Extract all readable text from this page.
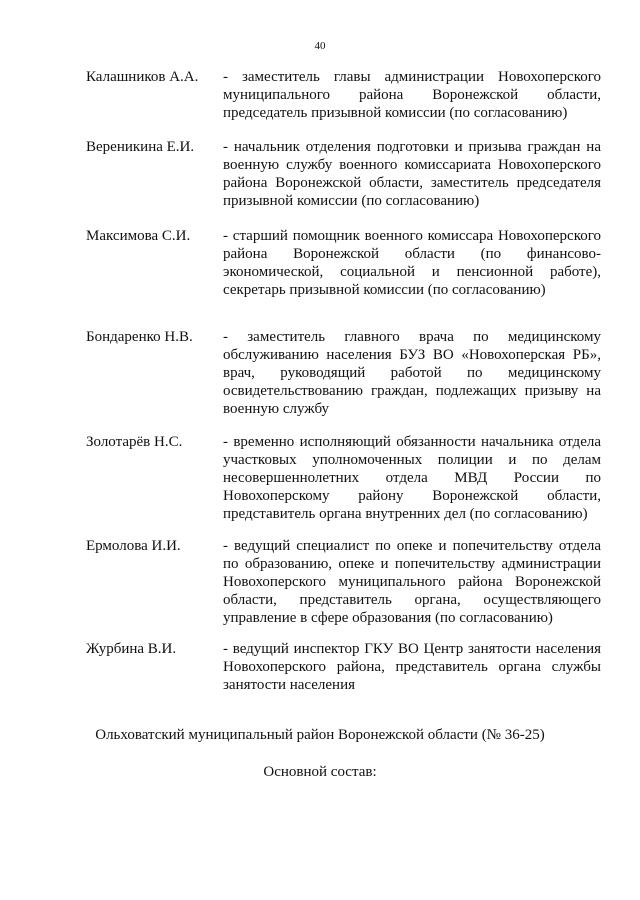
40
Калашников А.А.	- заместитель главы администрации Новохоперского муниципального района Воронежской области, председатель призывной комиссии (по согласованию)
Вереникина Е.И.	- начальник отделения подготовки и призыва граждан на военную службу военного комиссариата Новохоперского района Воронежской области, заместитель председателя призывной комиссии (по согласованию)
Максимова С.И.	- старший помощник военного комиссара Новохоперского района Воронежской области (по финансово-экономической, социальной и пенсионной работе), секретарь призывной комиссии (по согласованию)
Бондаренко Н.В.	- заместитель главного врача по медицинскому обслуживанию населения БУЗ ВО «Новохоперская РБ», врач, руководящий работой по медицинскому освидетельствованию граждан, подлежащих призыву на военную службу
Золотарёв Н.С.	- временно исполняющий обязанности начальника отдела участковых уполномоченных полиции и по делам несовершеннолетних отдела МВД России по Новохоперскому району Воронежской области, представитель органа внутренних дел (по согласованию)
Ермолова И.И.	- ведущий специалист по опеке и попечительству отдела по образованию, опеке и попечительству администрации Новохоперского муниципального района Воронежской области, представитель органа, осуществляющего управление в сфере образования (по согласованию)
Журбина В.И.	- ведущий инспектор ГКУ ВО Центр занятости населения Новохоперского района, представитель органа службы занятости населения
Ольховатский муниципальный район Воронежской области (№ 36-25)
Основной состав:
